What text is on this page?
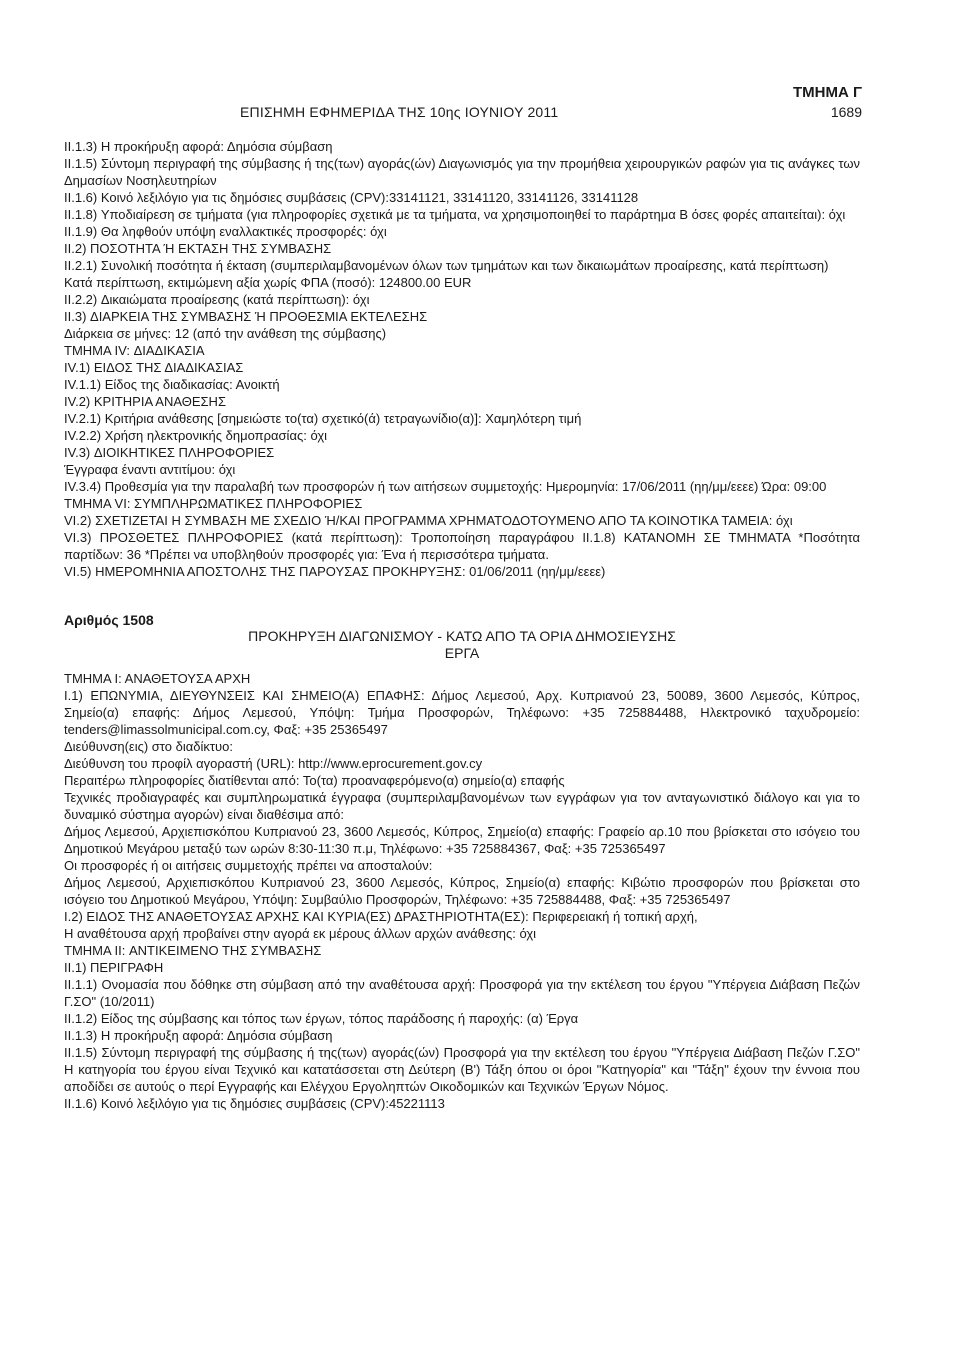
ΤΜΗΜΑ Γ
ΕΠΙΣΗΜΗ ΕΦΗΜΕΡΙΔΑ ΤΗΣ 10ης ΙΟΥΝΙΟΥ 2011	1689

II.1.3) Η προκήρυξη αφορά: Δημόσια σύμβαση

II.1.5) Σύντομη περιγραφή της σύμβασης ή της(των) αγοράς(ών) Διαγωνισμός για την προμήθεια χειρουργικών ραφών για τις ανάγκες των Δημασίων Νοσηλευτηρίων

II.1.6) Κοινό λεξιλόγιο για τις δημόσιες συμβάσεις (CPV):33141121, 33141120, 33141126, 33141128

II.1.8) Υποδιαίρεση σε τμήματα (για πληροφορίες σχετικά με τα τμήματα, να χρησιμοποιηθεί το παράρτημα Β όσες φορές απαιτείται): όχι

II.1.9) Θα ληφθούν υπόψη εναλλακτικές προσφορές: όχι

II.2) ΠΟΣΟΤΗΤΑ Ή ΕΚΤΑΣΗ ΤΗΣ ΣΥΜΒΑΣΗΣ

II.2.1) Συνολική ποσότητα ή έκταση (συμπεριλαμβανομένων όλων των τμημάτων και των δικαιωμάτων προαίρεσης, κατά περίπτωση)

Κατά περίπτωση, εκτιμώμενη αξία χωρίς ΦΠΑ (ποσό): 124800.00 EUR

II.2.2) Δικαιώματα προαίρεσης (κατά περίπτωση): όχι

II.3) ΔΙΑΡΚΕΙΑ ΤΗΣ ΣΥΜΒΑΣΗΣ Ή ΠΡΟΘΕΣΜΙΑ ΕΚΤΕΛΕΣΗΣ

Διάρκεια σε μήνες: 12 (από την ανάθεση της σύμβασης)

ΤΜΗΜΑ IV: ΔΙΑΔΙΚΑΣΙΑ

IV.1) ΕΙΔΟΣ ΤΗΣ ΔΙΑΔΙΚΑΣΙΑΣ

IV.1.1) Είδος της διαδικασίας: Ανοικτή

IV.2) ΚΡΙΤΗΡΙΑ ΑΝΑΘΕΣΗΣ

IV.2.1) Κριτήρια ανάθεσης [σημειώστε το(τα) σχετικό(ά) τετραγωνίδιο(α)]: Χαμηλότερη τιμή

IV.2.2) Χρήση ηλεκτρονικής δημοπρασίας: όχι

IV.3) ΔΙΟΙΚΗΤΙΚΕΣ ΠΛΗΡΟΦΟΡΙΕΣ

Έγγραφα έναντι αντιτίμου: όχι

IV.3.4) Προθεσμία για την παραλαβή των προσφορών ή των αιτήσεων συμμετοχής: Ημερομηνία: 17/06/2011 (ηη/μμ/εεεε) Ώρα: 09:00

ΤΜΗΜΑ VI: ΣΥΜΠΛΗΡΩΜΑΤΙΚΕΣ ΠΛΗΡΟΦΟΡΙΕΣ

VI.2) ΣΧΕΤΙΖΕΤΑΙ Η ΣΥΜΒΑΣΗ ΜΕ ΣΧΕΔΙΟ Ή/ΚΑΙ ΠΡΟΓΡΑΜΜΑ ΧΡΗΜΑΤΟΔΟΤΟΥΜΕΝΟ ΑΠΟ ΤΑ ΚΟΙΝΟΤΙΚΑ ΤΑΜΕΙΑ: όχι

VI.3) ΠΡΟΣΘΕΤΕΣ ΠΛΗΡΟΦΟΡΙΕΣ (κατά περίπτωση): Τροποποίηση παραγράφου II.1.8) ΚΑΤΑΝΟΜΗ ΣΕ ΤΜΗΜΑΤΑ *Ποσότητα παρτίδων: 36 *Πρέπει να υποβληθούν προσφορές για: Ένα ή περισσότερα τμήματα.

VI.5) ΗΜΕΡΟΜΗΝΙΑ ΑΠΟΣΤΟΛΗΣ ΤΗΣ ΠΑΡΟΥΣΑΣ ΠΡΟΚΗΡΥΞΗΣ: 01/06/2011 (ηη/μμ/εεεε)

Αριθμός 1508
ΠΡΟΚΗΡΥΞΗ ΔΙΑΓΩΝΙΣΜΟΥ - ΚΑΤΩ ΑΠΟ ΤΑ ΟΡΙΑ ΔΗΜΟΣΙΕΥΣΗΣ
ΕΡΓΑ

ΤΜΗΜΑ Ι: ΑΝΑΘΕΤΟΥΣΑ ΑΡΧΗ

I.1) ΕΠΩΝΥΜΙΑ, ΔΙΕΥΘΥΝΣΕΙΣ ΚΑΙ ΣΗΜΕΙΟ(Α) ΕΠΑΦΗΣ: Δήμος Λεμεσού, Αρχ. Κυπριανού 23, 50089, 3600 Λεμεσός, Κύπρος, Σημείο(α) επαφής: Δήμος Λεμεσού, Υπόψη: Τμήμα Προσφορών, Τηλέφωνο: +35 725884488, Ηλεκτρονικό ταχυδρομείο: tenders@limassolmunicipal.com.cy, Φαξ: +35 25365497

Διεύθυνση(εις) στο διαδίκτυο:

Διεύθυνση του προφίλ αγοραστή (URL): http://www.eprocurement.gov.cy

Περαιτέρω πληροφορίες διατίθενται από: Το(τα) προαναφερόμενο(α) σημείο(α) επαφής

Τεχνικές προδιαγραφές και συμπληρωματικά έγγραφα (συμπεριλαμβανομένων των εγγράφων για τον ανταγωνιστικό διάλογο και για το δυναμικό σύστημα αγορών) είναι διαθέσιμα από:

Δήμος Λεμεσού, Αρχιεπισκόπου Κυπριανού 23, 3600 Λεμεσός, Κύπρος, Σημείο(α) επαφής: Γραφείο αρ.10 που βρίσκεται στο ισόγειο του Δημοτικού Μεγάρου μεταξύ των ωρών 8:30-11:30 π.μ, Τηλέφωνο: +35 725884367, Φαξ: +35 725365497

Οι προσφορές ή οι αιτήσεις συμμετοχής πρέπει να αποσταλούν:

Δήμος Λεμεσού, Αρχιεπισκόπου Κυπριανού 23, 3600 Λεμεσός, Κύπρος, Σημείο(α) επαφής: Κιβώτιο προσφορών που βρίσκεται στο ισόγειο του Δημοτικού Μεγάρου, Υπόψη: Συμβαύλιο Προσφορών, Τηλέφωνο: +35 725884488, Φαξ: +35 725365497

I.2) ΕΙΔΟΣ ΤΗΣ ΑΝΑΘΕΤΟΥΣΑΣ ΑΡΧΗΣ ΚΑΙ ΚΥΡΙΑ(ΕΣ) ΔΡΑΣΤΗΡΙΟΤΗΤΑ(ΕΣ): Περιφερειακή ή τοπική αρχή,

Η αναθέτουσα αρχή προβαίνει στην αγορά εκ μέρους άλλων αρχών ανάθεσης: όχι

ΤΜΗΜΑ II: ΑΝΤΙΚΕΙΜΕΝΟ ΤΗΣ ΣΥΜΒΑΣΗΣ

II.1) ΠΕΡΙΓΡΑΦΗ

II.1.1) Ονομασία που δόθηκε στη σύμβαση από την αναθέτουσα αρχή: Προσφορά για την εκτέλεση του έργου "Υπέργεια Διάβαση Πεζών Γ.ΣΟ" (10/2011)

II.1.2) Είδος της σύμβασης και τόπος των έργων, τόπος παράδοσης ή παροχής: (α) Έργα

II.1.3) Η προκήρυξη αφορά: Δημόσια σύμβαση

II.1.5) Σύντομη περιγραφή της σύμβασης ή της(των) αγοράς(ών) Προσφορά για την εκτέλεση του έργου "Υπέργεια Διάβαση Πεζών Γ.ΣΟ" Η κατηγορία του έργου είναι Τεχνικό και κατατάσσεται στη Δεύτερη (Β') Τάξη όπου οι όροι "Κατηγορία" και "Τάξη" έχουν την έννοια που αποδίδει σε αυτούς ο περί Εγγραφής και Ελέγχου Εργοληπτών Οικοδομικών και Τεχνικών Έργων Νόμος.

II.1.6) Κοινό λεξιλόγιο για τις δημόσιες συμβάσεις (CPV):45221113
